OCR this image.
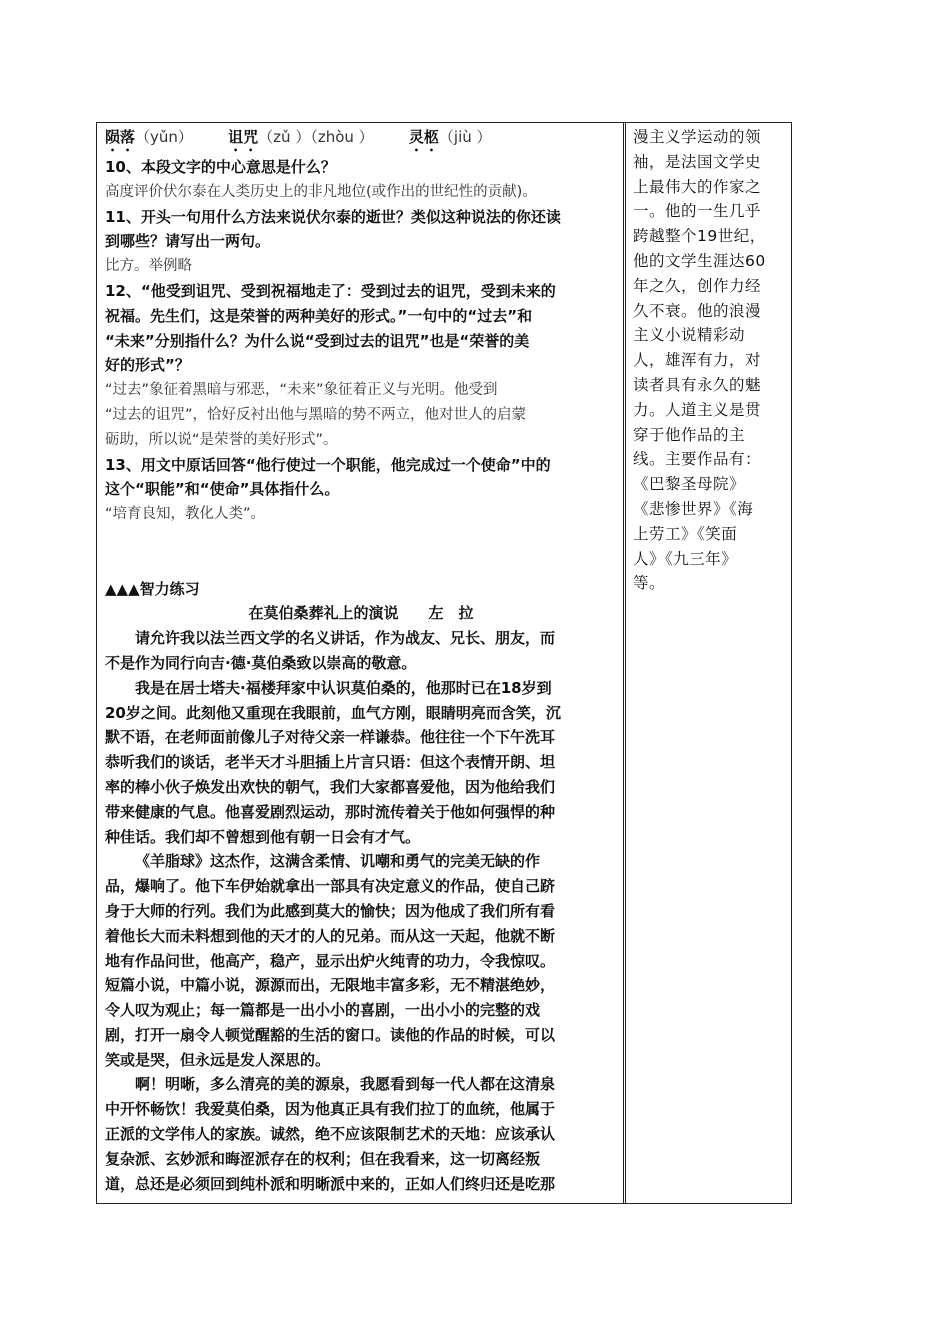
陨落（yǔn）   诅咒（zǔ ）（zhòu ）   灵柩（jiù ）
10、本段文字的中心意思是什么？
高度评价伏尔泰在人类历史上的非凡地位(或作出的世纪性的贡献)。
11、开头一句用什么方法来说伏尔泰的逝世？类似这种说法的你还读
到哪些？请写出一两句。
比方。举例略
12、“他受到诅咒、受到祝福地走了：受到过去的诅咒，受到未来的
祝福。先生们，这是荣誉的两种美好的形式。”一句中的“过去”和
“未来”分别指什么？为什么说“受到过去的诅咒”也是“荣誉的美
好的形式”？
“过去”象征着黑暗与邪恶，“未来”象征着正义与光明。他受到
“过去的诅咒”，恰好反衬出他与黑暗的势不两立，他对世人的启蒙
砺助，所以说“是荣誉的美好形式”。
13、用文中原话回答“他行使过一个职能，他完成过一个使命”中的
这个“职能”和“使命”具体指什么。
“培育良知，教化人类”。
▲▲▲智力练习
在莫伯桑葬礼上的演说   左　拉
请允许我以法兰西文学的名义讲话，作为战友、兄长、朋友，而
不是作为同行向吉·德·莫伯桑致以崇高的敬意。
我是在居士塔夫·福楼拜家中认识莫伯桑的，他那时已在18岁到
20岁之间。此刻他又重现在我眼前，血气方刚，眼睛明亮而含笑，沉
默不语，在老师面前像儿子对待父亲一样谦恭。他往往一个下午洗耳
恭听我们的谈话，老半天才斗胆插上片言只语：但这个表情开朗、坦
率的棒小伙子焕发出欢快的朝气，我们大家都喜爱他，因为他给我们
带来健康的气息。他喜爱剧烈运动，那时流传着关于他如何强悍的种
种佳话。我们却不曾想到他有朝一日会有才气。
《羊脂球》这杰作，这满含柔情、讥嘲和勇气的完美无缺的作
品，爆响了。他下车伊始就拿出一部具有决定意义的作品，使自己跻
身于大师的行列。我们为此感到莫大的愉快；因为他成了我们所有看
着他长大而未料想到他的天才的人的兄弟。而从这一天起，他就不断
地有作品问世，他高产，稳产，显示出炉火纯青的功力，令我惊叹。
短篇小说，中篇小说，源源而出，无限地丰富多彩，无不精湛绝妙，
令人叹为观止；每一篇都是一出小小的喜剧，一出小小的完整的戏
剧，打开一扇令人顿觉醒豁的生活的窗口。读他的作品的时候，可以
笑或是哭，但永远是发人深思的。
啊！明晰，多么清亮的美的源泉，我愿看到每一代人都在这清泉
中开怀畅饮！我爱莫伯桑，因为他真正具有我们拉丁的血统，他属于
正派的文学伟人的家族。诚然，绝不应该限制艺术的天地：应该承认
复杂派、玄妙派和晦涩派存在的权利；但在我看来，这一切离经叛
道，总还是必须回到纯朴派和明晰派中来的，正如人们终归还是吃那
漫主义学运动的领
袖，是法国文学史
上最伟大的作家之
一。他的一生几乎
跨越整个19世纪，
他的文学生涯达60
年之久，创作力经
久不衰。他的浪漫
主义小说精彩动
人，雄浑有力，对
读者具有永久的魅
力。人道主义是贯
穿于他作品的主
线。主要作品有：
《巴黎圣母院》
《悲惨世界》《海
上劳工》《笑面
人》《九三年》
等。
